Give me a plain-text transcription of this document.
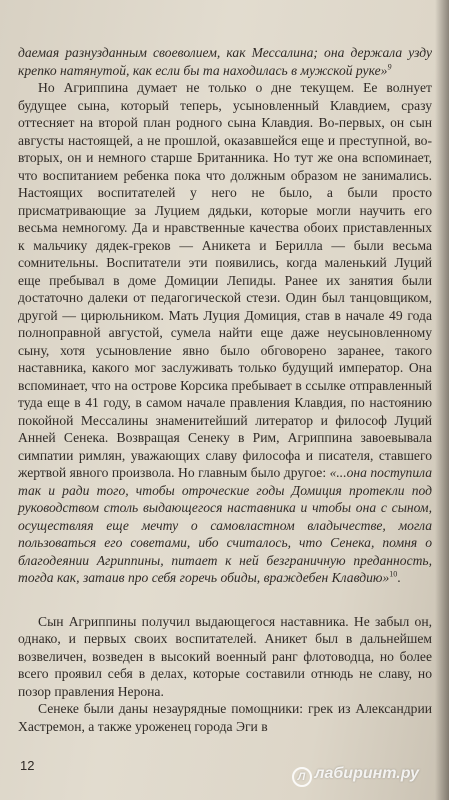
даемая разнузданным своеволием, как Мессалина; она держала узду крепко натянутой, как если бы та находилась в мужской руке»$^9$

Но Агриппина думает не только о дне текущем. Ее волнует будущее сына, который теперь, усыновленный Клавдием, сразу оттесняет на второй план родного сына Клавдия. Во-первых, он сын августы настоящей, а не прошлой, оказавшейся еще и преступной, во-вторых, он и немного старше Британника. Но тут же она вспоминает, что воспитанием ребенка пока что должным образом не занимались. Настоящих воспитателей у него не было, а были просто присматривающие за Луцием дядьки, которые могли научить его весьма немногому. Да и нравственные качества обоих приставленных к мальчику дядек-греков — Аникета и Берилла — были весьма сомнительны. Воспитатели эти появились, когда маленький Луций еще пребывал в доме Домиции Лепиды. Ранее их занятия были достаточно далеки от педагогической стези. Один был танцовщиком, другой — цирюльником. Мать Луция Домиция, став в начале 49 года полноправной августой, сумела найти еще даже неусыновленному сыну, хотя усыновление явно было обговорено заранее, такого наставника, какого мог заслуживать только будущий император. Она вспоминает, что на острове Корсика пребывает в ссылке отправленный туда еще в 41 году, в самом начале правления Клавдия, по настоянию покойной Мессалины знаменитейший литератор и философ Луций Анней Сенека. Возвращая Сенеку в Рим, Агриппина завоевывала симпатии римлян, уважающих славу философа и писателя, ставшего жертвой явного произвола. Но главным было другое: «...она поступила так и ради того, чтобы отроческие годы Домиция протекли под руководством столь выдающегося наставника и чтобы она с сыном, осуществляя еще мечту о самовластном владычестве, могла пользоваться его советами, ибо считалось, что Сенека, помня о благодеянии Агриппины, питает к ней безграничную преданность, тогда как, затаив про себя горечь обиды, враждебен Клавдию»$^{10}$.

Сын Агриппины получил выдающегося наставника. Не забыл он, однако, и первых своих воспитателей. Аникет был в дальнейшем возвеличен, возведен в высокий военный ранг флотоводца, но более всего проявил себя в делах, которые составили отнюдь не славу, но позор правления Нерона.

Сенеке были даны незаурядные помощники: грек из Александрии Хастремон, а также уроженец города Эги в

12
Л лабиринт.ру
